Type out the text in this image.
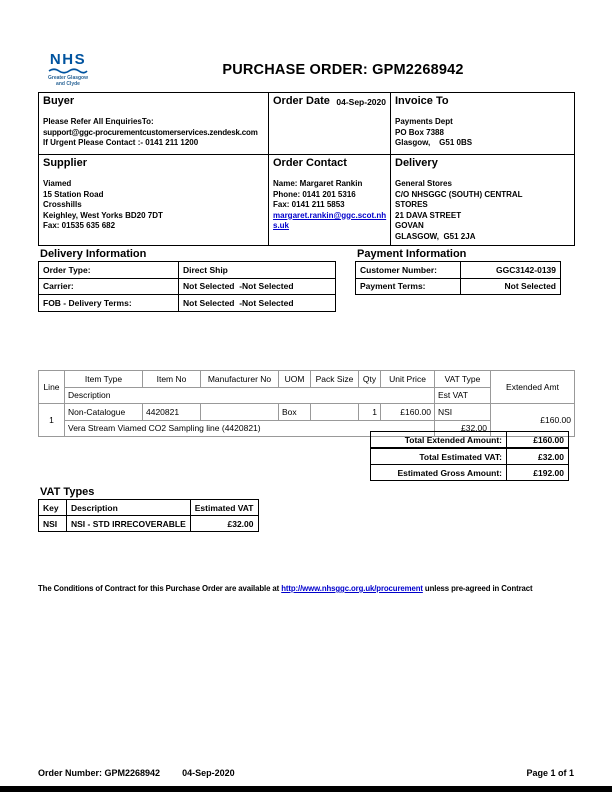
NHS
Greater Glasgow
and Clyde
PURCHASE ORDER: GPM2268942
Buyer
Please Refer All EnquiriesTo:
support@ggc-procurementcustomerservices.zendesk.com
If Urgent Please Contact :- 0141 211 1200

Order Date 04-Sep-2020	Invoice To
Payments Dept
PO Box 7388
Glasgow,    G51 0BS

Supplier
Viamed
15 Station Road
Crosshills
Keighley, West Yorks BD20 7DT
Fax: 01535 635 682

Order Contact
Name: Margaret Rankin
Phone: 0141 201 5316
Fax: 0141 211 5853
margaret.rankin@ggc.scot.nhs.uk

Delivery
General Stores
C/O NHSGGC (SOUTH) CENTRAL
STORES
21 DAVA STREET
GOVAN
GLASGOW,  G51 2JA
Delivery Information
Order Type:	Direct Ship
Carrier:	Not Selected  -Not Selected
FOB - Delivery Terms:	Not Selected  -Not Selected
Payment Information
Customer Number:	GGC3142-0139
Payment Terms:	Not Selected
Line	Item Type	Item No	Manufacturer No	UOM	Pack Size	Qty	Unit Price	VAT Type	Extended Amt
	Description							Est VAT	
1	Non-Catalogue	4420821		Box		1	£160.00	NSI	£160.00
	Vera Stream Viamed CO2 Sampling line (4420821)							£32.00	
Total Extended Amount:	£160.00
Total Estimated VAT:	£32.00
Estimated Gross Amount:	£192.00
VAT Types
Key	Description	Estimated VAT
NSI	NSI - STD IRRECOVERABLE	£32.00
The Conditions of Contract for this Purchase Order are available at http://www.nhsggc.org.uk/procurement unless pre-agreed in Contract
Order Number: GPM2268942 04-Sep-2020	Page 1 of 1
